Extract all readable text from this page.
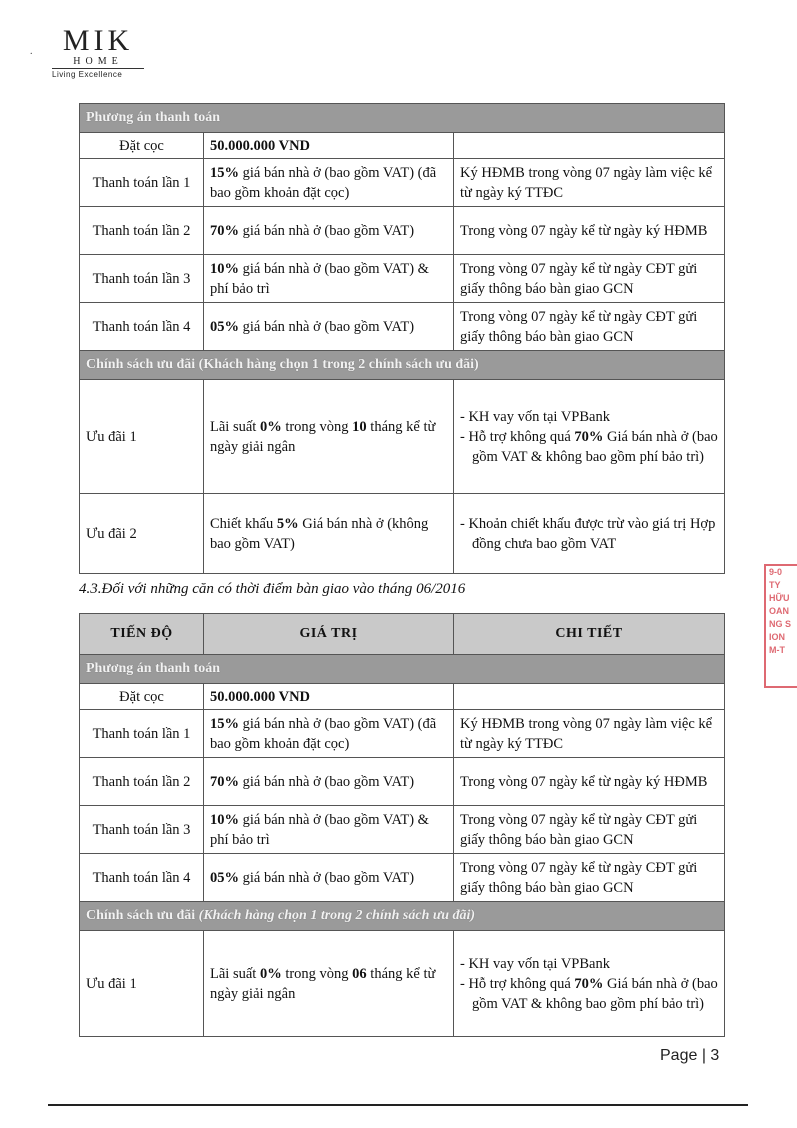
.	MIK
HOME
Living Excellence
Phương án thanh toán		
Đặt cọc	50.000.000 VND	
Thanh toán lần 1	15% giá bán nhà ở (bao gồm VAT) (đã bao gồm khoản đặt cọc)	Ký HĐMB trong vòng 07 ngày làm việc kể từ ngày ký TTĐC
Thanh toán lần 2	70% giá bán nhà ở (bao gồm VAT)	Trong vòng 07 ngày kể từ ngày ký HĐMB
Thanh toán lần 3	10% giá bán nhà ở (bao gồm VAT) & phí bảo trì	Trong vòng 07 ngày kể từ ngày CĐT gửi giấy thông báo bàn giao GCN
Thanh toán lần 4	05% giá bán nhà ở (bao gồm VAT)	Trong vòng 07 ngày kể từ ngày CĐT gửi giấy thông báo bàn giao GCN
Chính sách ưu đãi (Khách hàng chọn 1 trong 2 chính sách ưu đãi)		
Ưu đãi 1	Lãi suất 0% trong vòng 10 tháng kể từ ngày giải ngân	- KH vay vốn tại VPBank
- Hỗ trợ không quá 70% Giá bán nhà ở (bao gồm VAT & không bao gồm phí bảo trì)

Ưu đãi 2	Chiết khấu 5% Giá bán nhà ở (không bao gồm VAT)	- Khoản chiết khấu được trừ vào giá trị Hợp đồng chưa bao gồm VAT
4.3.Đối với những căn có thời điểm bàn giao vào tháng 06/2016
TIẾN ĐỘ	GIÁ TRỊ	CHI TIẾT
Phương án thanh toán		
Đặt cọc	50.000.000 VND	
Thanh toán lần 1	15% giá bán nhà ở (bao gồm VAT) (đã bao gồm khoản đặt cọc)	Ký HĐMB trong vòng 07 ngày làm việc kể từ ngày ký TTĐC
Thanh toán lần 2	70% giá bán nhà ở (bao gồm VAT)	Trong vòng 07 ngày kể từ ngày ký HĐMB
Thanh toán lần 3	10% giá bán nhà ở (bao gồm VAT) & phí bảo trì	Trong vòng 07 ngày kể từ ngày CĐT gửi giấy thông báo bàn giao GCN
Thanh toán lần 4	05% giá bán nhà ở (bao gồm VAT)	Trong vòng 07 ngày kể từ ngày CĐT gửi giấy thông báo bàn giao GCN
Chính sách ưu đãi (Khách hàng chọn 1 trong 2 chính sách ưu đãi)		
Ưu đãi 1	Lãi suất 0% trong vòng 06 tháng kể từ ngày giải ngân	- KH vay vốn tại VPBank
- Hỗ trợ không quá 70% Giá bán nhà ở (bao gồm VAT & không bao gồm phí bảo trì)
9-0
TY
HỮU
OAN
NG S
ION
M-T
Page | 3
